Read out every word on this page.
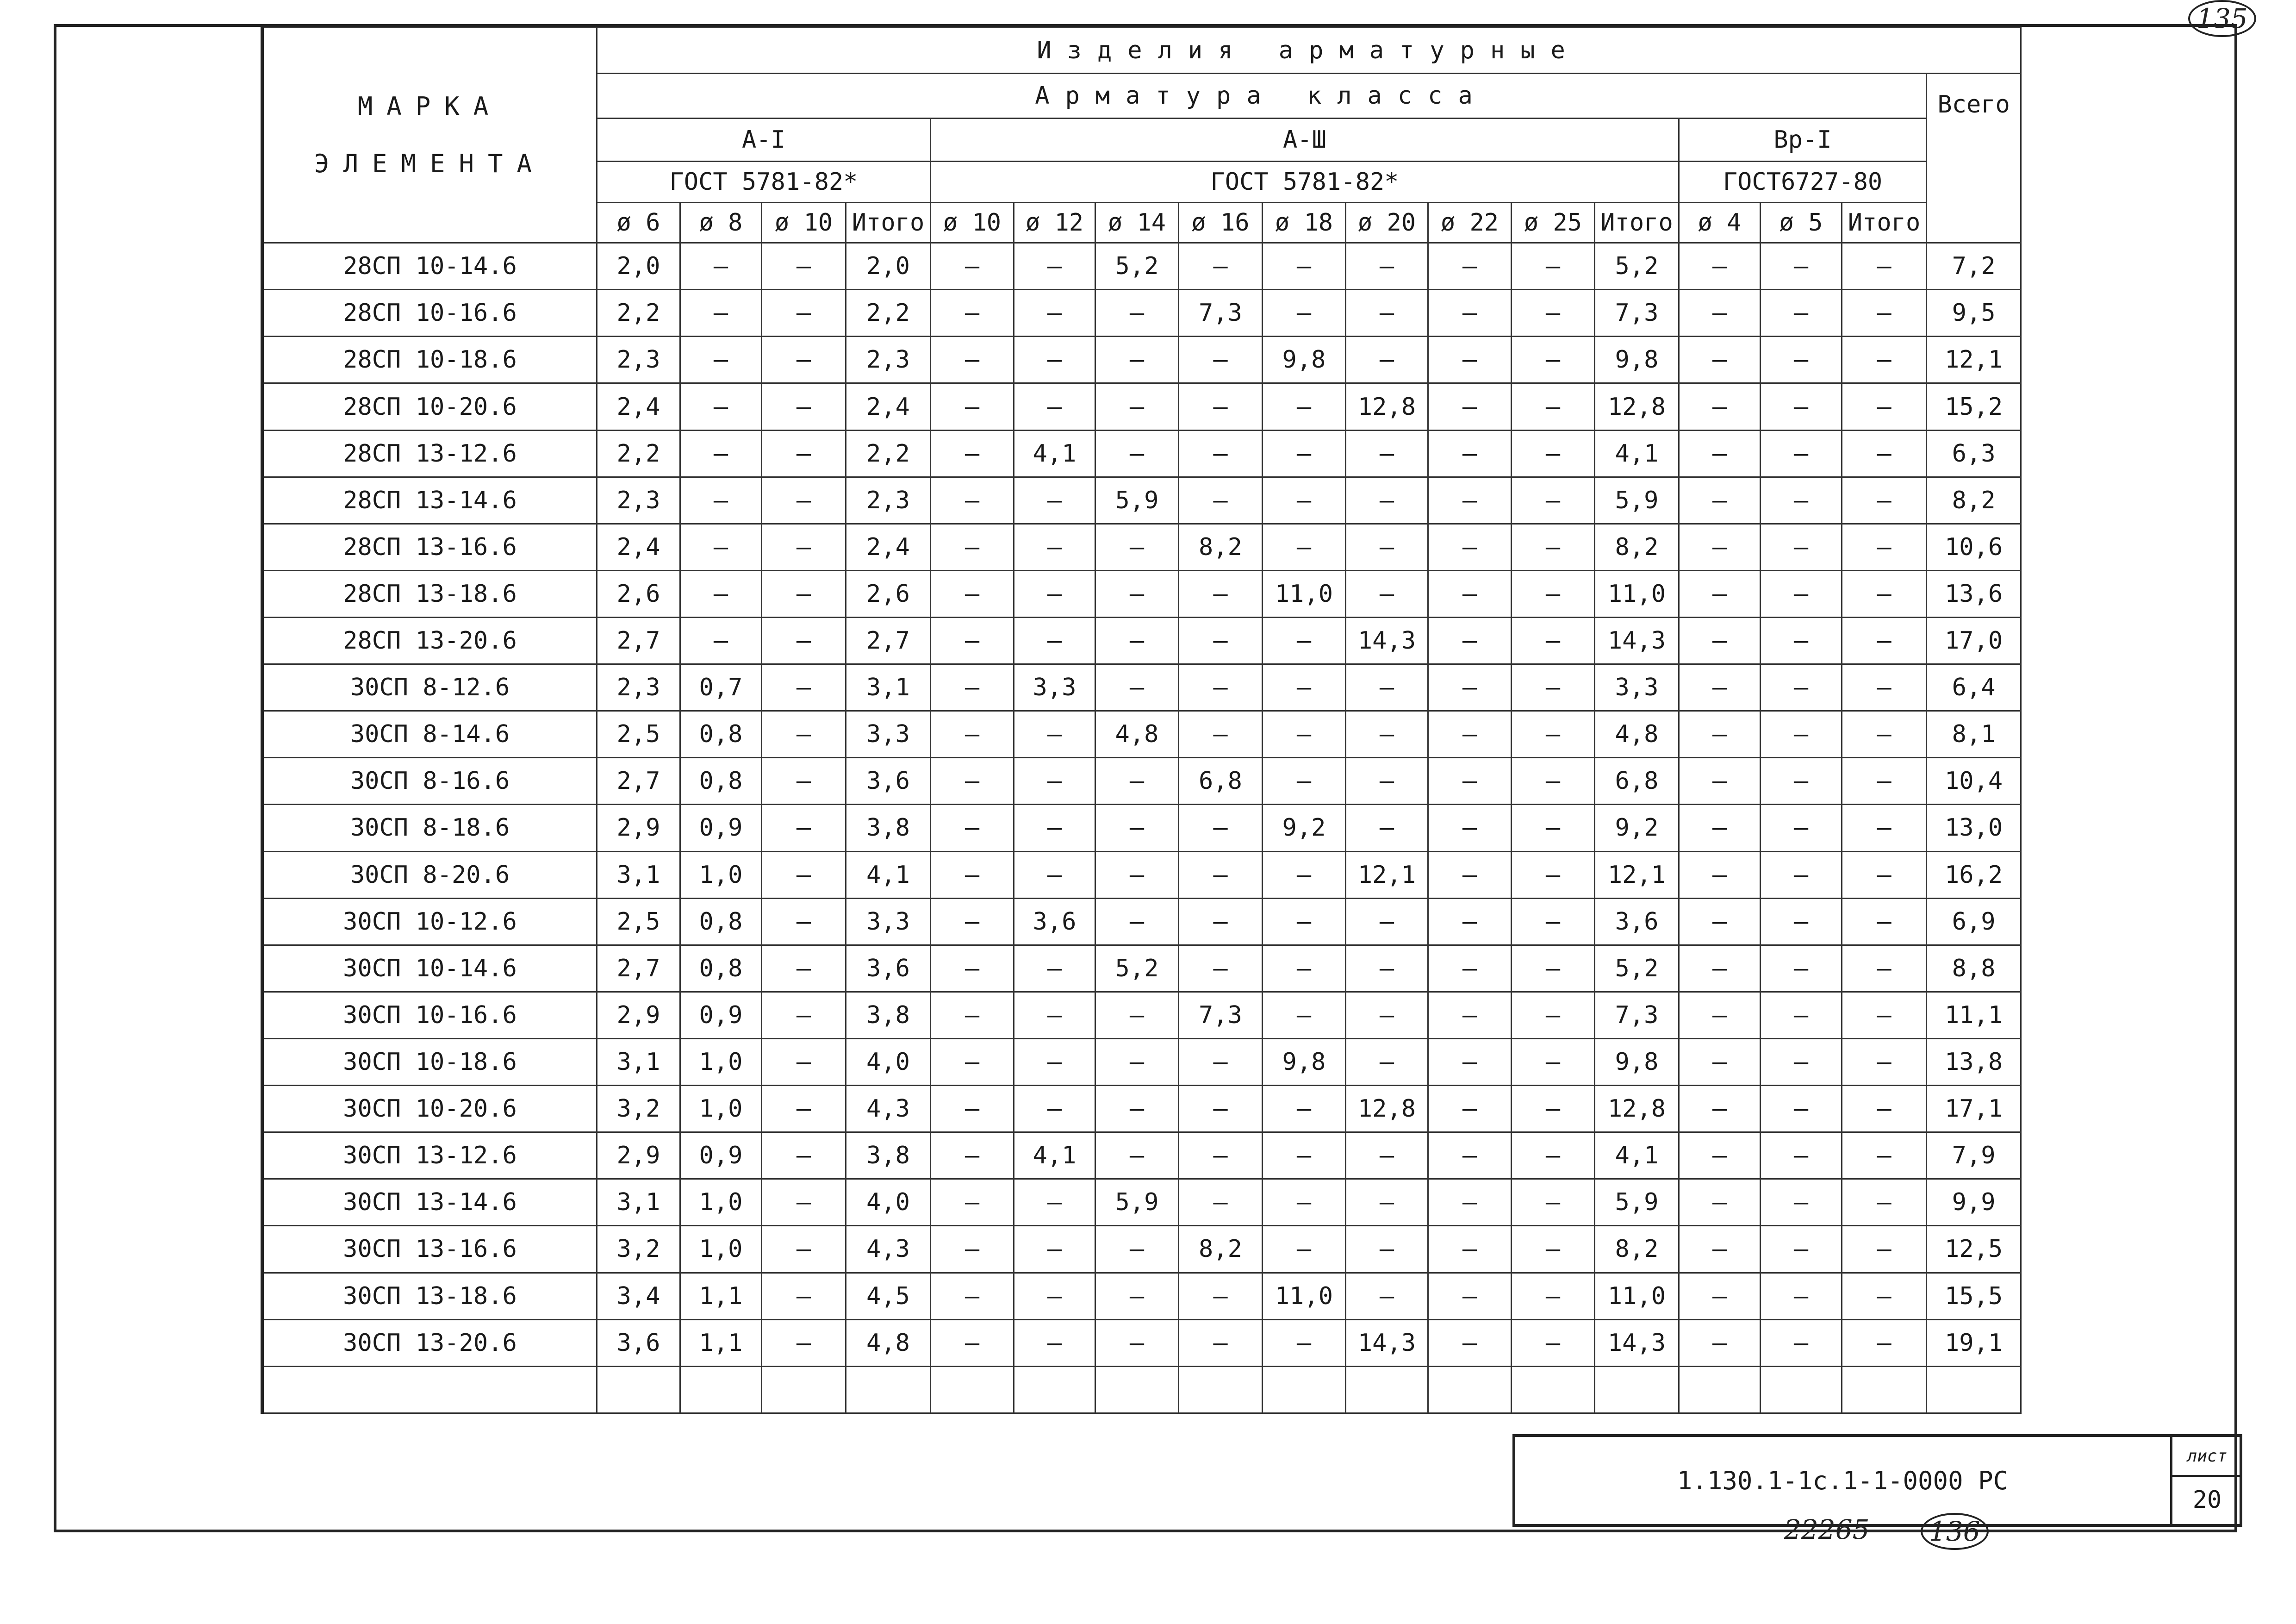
МАРКА
ЭЛЕМЕНТА	Изделия арматурные																
	Арматура класса																Всего
	А-I				А-Ш									Вр-I			
	ГОСТ 5781-82*				ГОСТ 5781-82*									ГОСТ6727-80			
	ø 6	ø 8	ø 10	Итого	ø 10	ø 12	ø 14	ø 16	ø 18	ø 20	ø 22	ø 25	Итого	ø 4	ø 5	Итого	
28СП 10-14.6	2,0	–	–	2,0	–	–	5,2	–	–	–	–	–	5,2	–	–	–	7,2
28СП 10-16.6	2,2	–	–	2,2	–	–	–	7,3	–	–	–	–	7,3	–	–	–	9,5
28СП 10-18.6	2,3	–	–	2,3	–	–	–	–	9,8	–	–	–	9,8	–	–	–	12,1
28СП 10-20.6	2,4	–	–	2,4	–	–	–	–	–	12,8	–	–	12,8	–	–	–	15,2
28СП 13-12.6	2,2	–	–	2,2	–	4,1	–	–	–	–	–	–	4,1	–	–	–	6,3
28СП 13-14.6	2,3	–	–	2,3	–	–	5,9	–	–	–	–	–	5,9	–	–	–	8,2
28СП 13-16.6	2,4	–	–	2,4	–	–	–	8,2	–	–	–	–	8,2	–	–	–	10,6
28СП 13-18.6	2,6	–	–	2,6	–	–	–	–	11,0	–	–	–	11,0	–	–	–	13,6
28СП 13-20.6	2,7	–	–	2,7	–	–	–	–	–	14,3	–	–	14,3	–	–	–	17,0
30СП 8-12.6	2,3	0,7	–	3,1	–	3,3	–	–	–	–	–	–	3,3	–	–	–	6,4
30СП 8-14.6	2,5	0,8	–	3,3	–	–	4,8	–	–	–	–	–	4,8	–	–	–	8,1
30СП 8-16.6	2,7	0,8	–	3,6	–	–	–	6,8	–	–	–	–	6,8	–	–	–	10,4
30СП 8-18.6	2,9	0,9	–	3,8	–	–	–	–	9,2	–	–	–	9,2	–	–	–	13,0
30СП 8-20.6	3,1	1,0	–	4,1	–	–	–	–	–	12,1	–	–	12,1	–	–	–	16,2
30СП 10-12.6	2,5	0,8	–	3,3	–	3,6	–	–	–	–	–	–	3,6	–	–	–	6,9
30СП 10-14.6	2,7	0,8	–	3,6	–	–	5,2	–	–	–	–	–	5,2	–	–	–	8,8
30СП 10-16.6	2,9	0,9	–	3,8	–	–	–	7,3	–	–	–	–	7,3	–	–	–	11,1
30СП 10-18.6	3,1	1,0	–	4,0	–	–	–	–	9,8	–	–	–	9,8	–	–	–	13,8
30СП 10-20.6	3,2	1,0	–	4,3	–	–	–	–	–	12,8	–	–	12,8	–	–	–	17,1
30СП 13-12.6	2,9	0,9	–	3,8	–	4,1	–	–	–	–	–	–	4,1	–	–	–	7,9
30СП 13-14.6	3,1	1,0	–	4,0	–	–	5,9	–	–	–	–	–	5,9	–	–	–	9,9
30СП 13-16.6	3,2	1,0	–	4,3	–	–	–	8,2	–	–	–	–	8,2	–	–	–	12,5
30СП 13-18.6	3,4	1,1	–	4,5	–	–	–	–	11,0	–	–	–	11,0	–	–	–	15,5
30СП 13-20.6	3,6	1,1	–	4,8	–	–	–	–	–	14,3	–	–	14,3	–	–	–	19,1

1.130.1-1с.1-1-0000 РС
лист
20
135
22265	136
